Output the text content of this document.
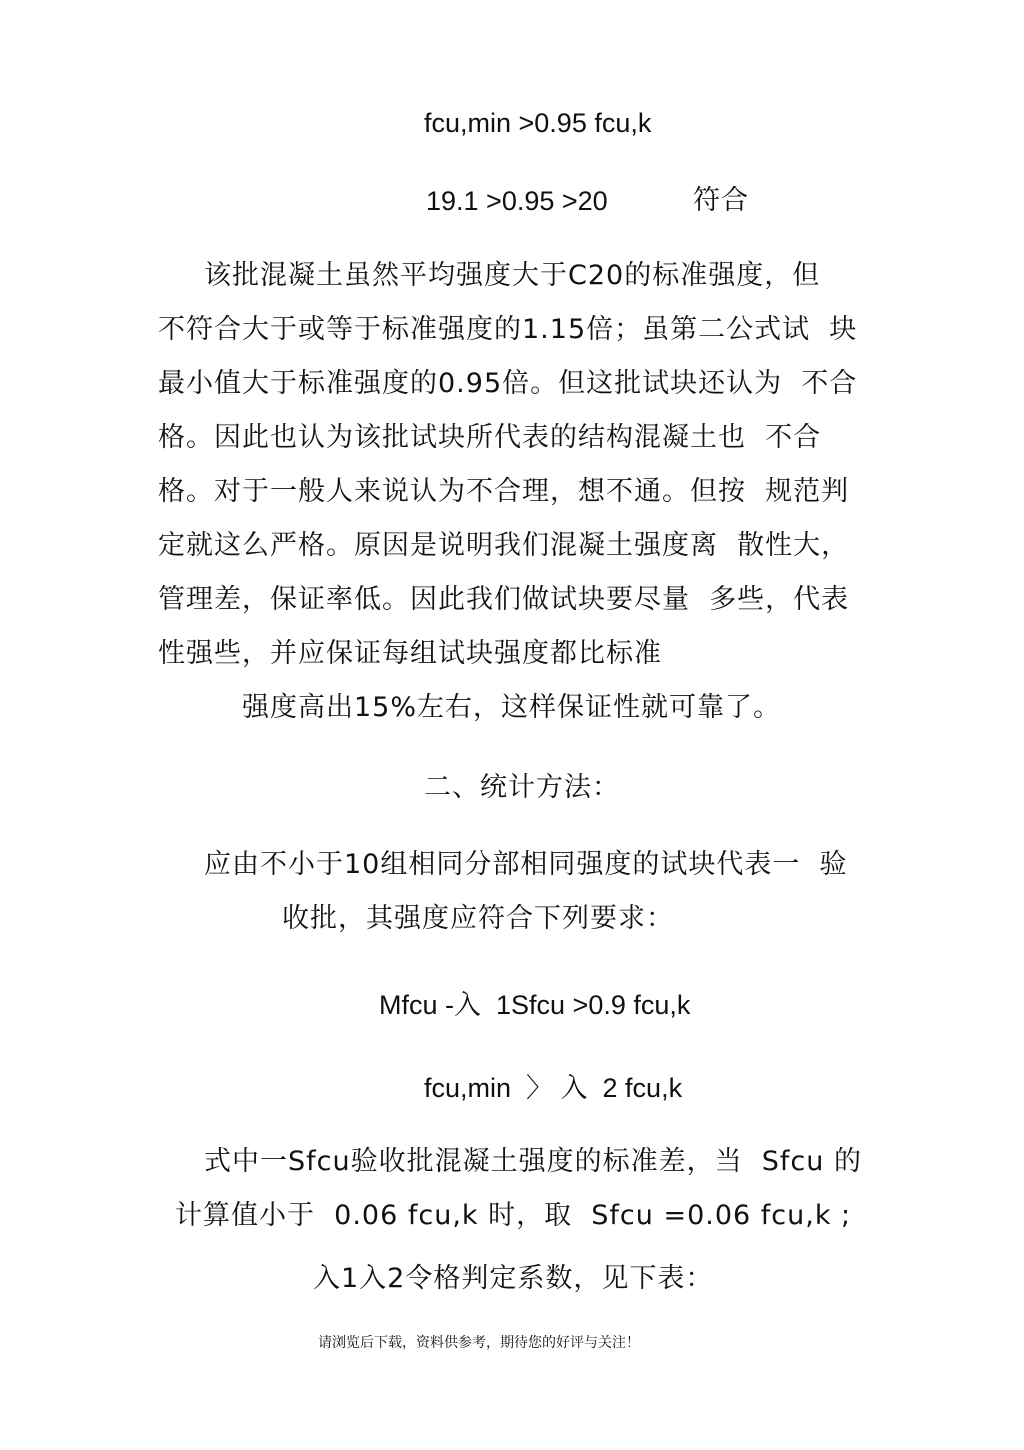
fcu,min >0.95 fcu,k
19.1 >0.95 >20	符合
该批混凝土虽然平均强度大于C20的标准强度，但
不符合大于或等于标准强度的1.15倍；虽第二公式试  块
最小值大于标准强度的0.95倍。但这批试块还认为  不合
格。因此也认为该批试块所代表的结构混凝土也  不合
格。对于一般人来说认为不合理，想不通。但按  规范判
定就这么严格。原因是说明我们混凝土强度离  散性大，
管理差，保证率低。因此我们做试块要尽量  多些，代表
性强些，并应保证每组试块强度都比标准
强度高出15%左右，这样保证性就可靠了。
二、统计方法：
应由不小于10组相同分部相同强度的试块代表一  验
收批，其强度应符合下列要求：
Mfcu -入  1Sfcu >0.9 fcu,k
fcu,min  〉 入  2 fcu,k
式中一Sfcu验收批混凝土强度的标准差，当  Sfcu 的
计算值小于  0.06 fcu,k 时，取  Sfcu =0.06 fcu,k ;
入1入2令格判定系数，见下表：
请浏览后下载，资料供参考，期待您的好评与关注！
